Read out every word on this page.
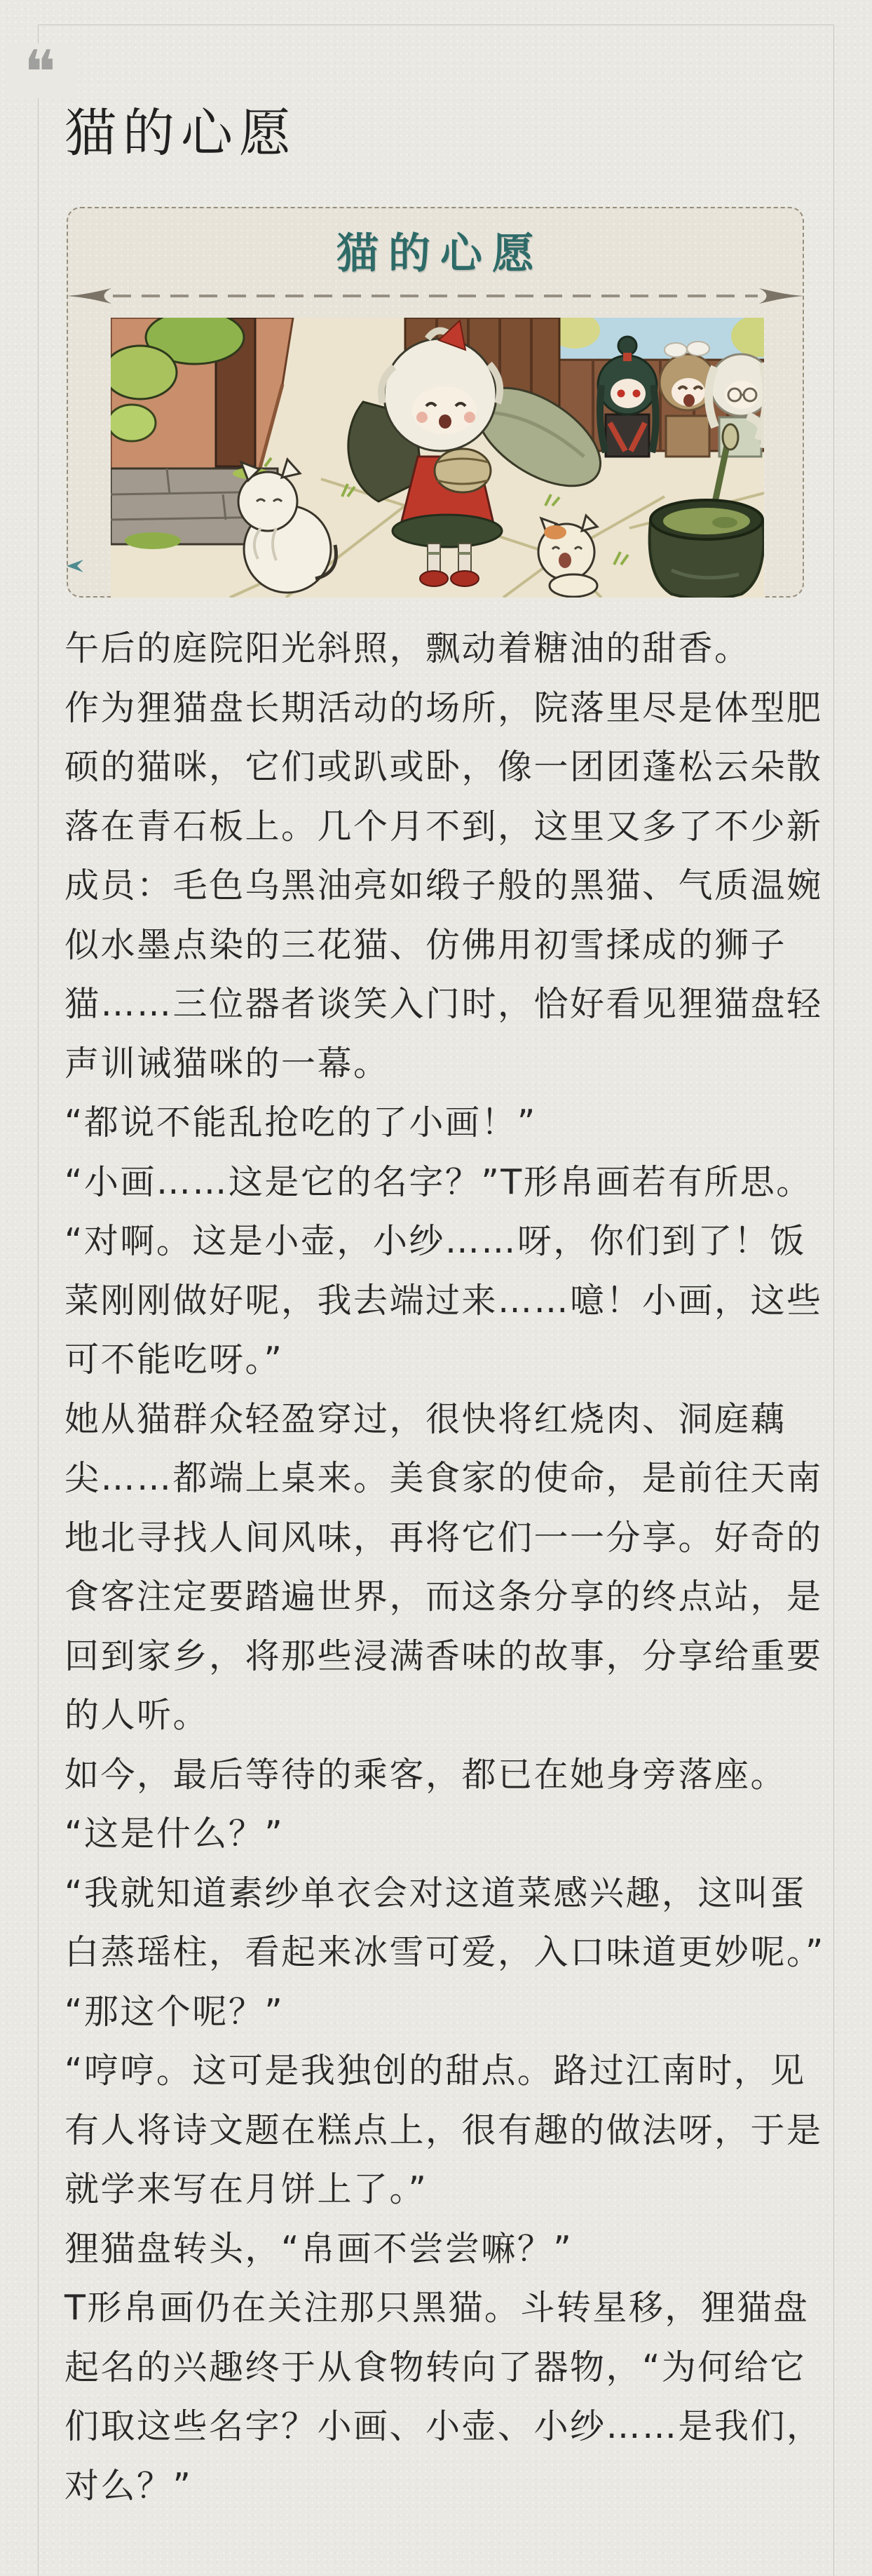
❝
猫的心愿
猫的心愿

午后的庭院阳光斜照，飘动着糖油的甜香。

作为狸猫盘长期活动的场所，院落里尽是体型肥硕的猫咪，它们或趴或卧，像一团团蓬松云朵散落在青石板上。几个月不到，这里又多了不少新成员：毛色乌黑油亮如缎子般的黑猫、气质温婉似水墨点染的三花猫、仿佛用初雪揉成的狮子猫……三位器者谈笑入门时，恰好看见狸猫盘轻声训诫猫咪的一幕。

“都说不能乱抢吃的了小画！”

“小画……这是它的名字？”T形帛画若有所思。

“对啊。这是小壶，小纱……呀，你们到了！饭菜刚刚做好呢，我去端过来……噫！小画，这些可不能吃呀。”

她从猫群众轻盈穿过，很快将红烧肉、洞庭藕尖……都端上桌来。美食家的使命，是前往天南地北寻找人间风味，再将它们一一分享。好奇的食客注定要踏遍世界，而这条分享的终点站，是回到家乡，将那些浸满香味的故事，分享给重要的人听。

如今，最后等待的乘客，都已在她身旁落座。

“这是什么？”

“我就知道素纱单衣会对这道菜感兴趣，这叫蛋白蒸瑶柱，看起来冰雪可爱，入口味道更妙呢。”

“那这个呢？”

“哼哼。这可是我独创的甜点。路过江南时，见有人将诗文题在糕点上，很有趣的做法呀，于是就学来写在月饼上了。”

狸猫盘转头，“帛画不尝尝嘛？”

T形帛画仍在关注那只黑猫。斗转星移，狸猫盘起名的兴趣终于从食物转向了器物，“为何给它们取这些名字？小画、小壶、小纱……是我们，对么？”
